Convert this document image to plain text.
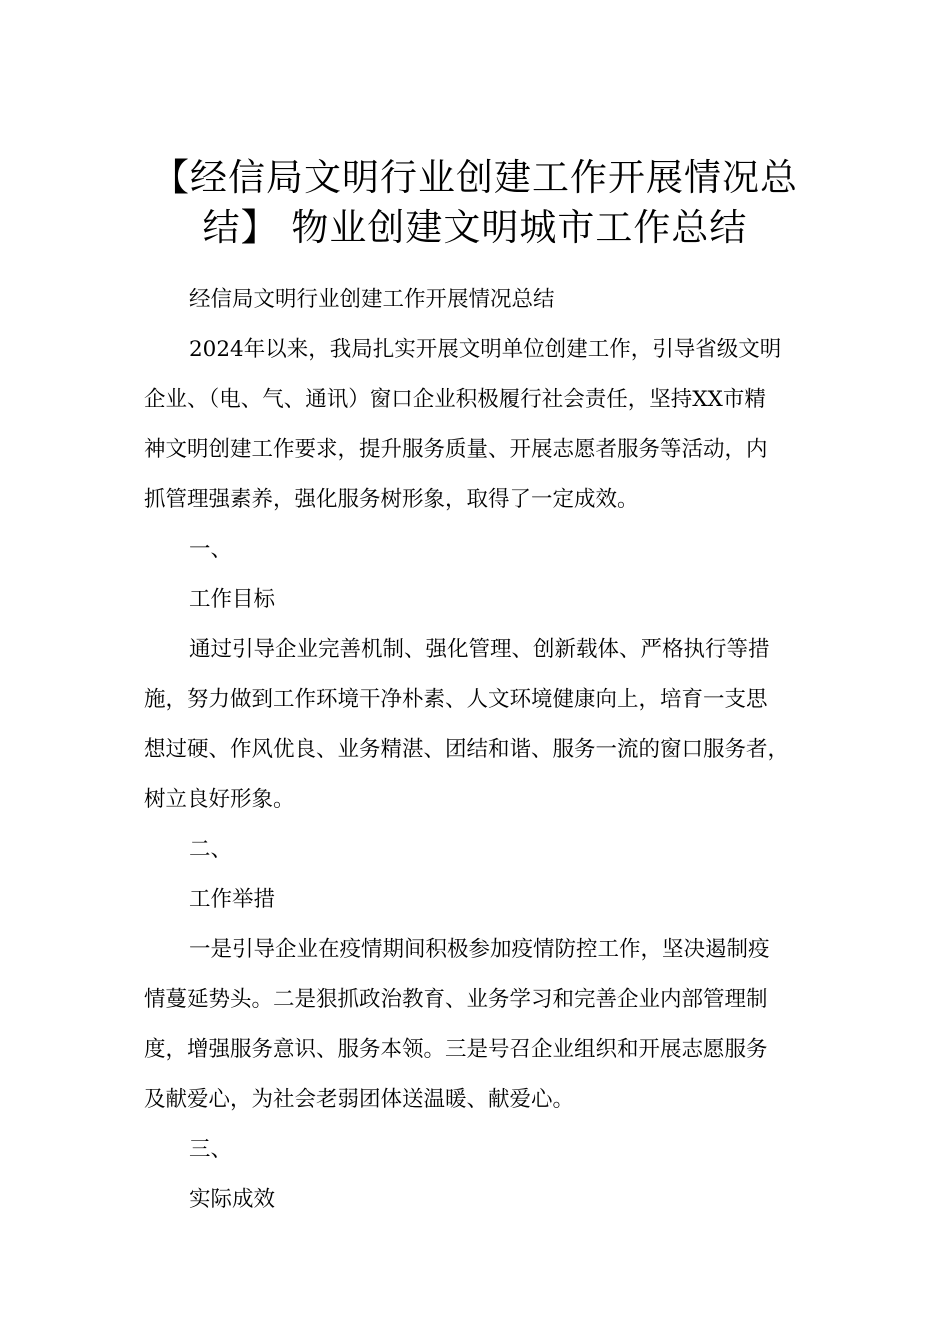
【经信局文明行业创建工作开展情况总
结】 物业创建文明城市工作总结
经信局文明行业创建工作开展情况总结
2024年以来，我局扎实开展文明单位创建工作，引导省级文明
企业、（电、气、通讯）窗口企业积极履行社会责任，坚持XX市精
神文明创建工作要求，提升服务质量、开展志愿者服务等活动，内
抓管理强素养，强化服务树形象，取得了一定成效。
一、
工作目标
通过引导企业完善机制、强化管理、创新载体、严格执行等措
施，努力做到工作环境干净朴素、人文环境健康向上，培育一支思
想过硬、作风优良、业务精湛、团结和谐、服务一流的窗口服务者，
树立良好形象。
二、
工作举措
一是引导企业在疫情期间积极参加疫情防控工作，坚决遏制疫
情蔓延势头。二是狠抓政治教育、业务学习和完善企业内部管理制
度，增强服务意识、服务本领。三是号召企业组织和开展志愿服务
及献爱心，为社会老弱团体送温暖、献爱心。
三、
实际成效
